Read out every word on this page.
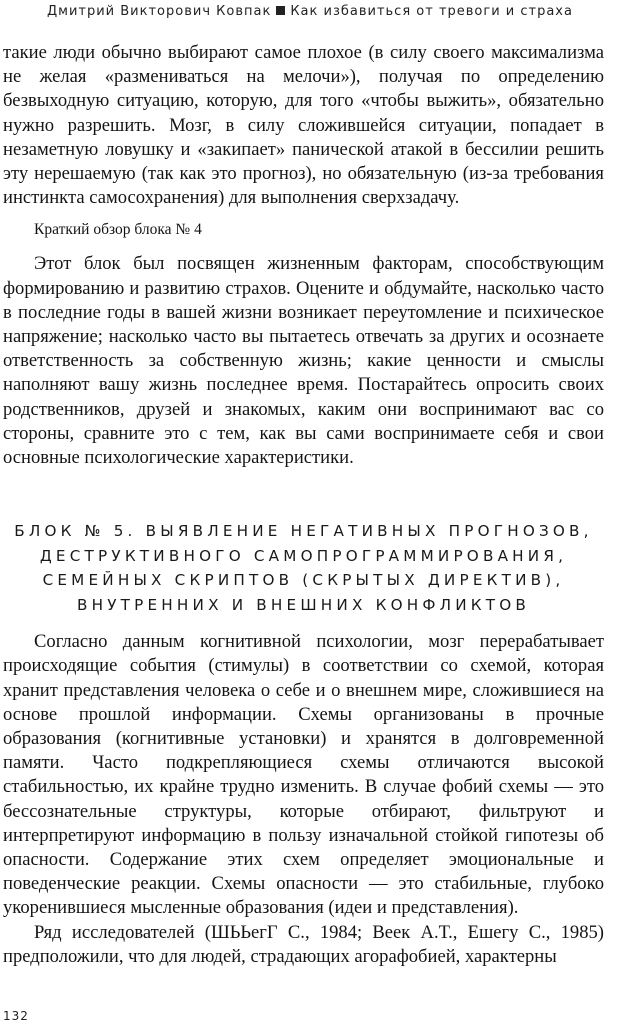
Дмитрий Викторович Ковпак Как избавиться от тревоги и страха

такие люди обычно выбирают самое плохое (в силу своего максимализма не желая «размениваться на мелочи»), получая по определению безвыходную ситуацию, которую, для того «чтобы выжить», обязательно нужно разрешить. Мозг, в силу сложившейся ситуации, попадает в незаметную ловушку и «закипает» панической атакой в бессилии решить эту нерешаемую (так как это прогноз), но обязательную (из-за требования инстинкта самосохранения) для выполнения сверхзадачу.

Краткий обзор блока № 4

Этот блок был посвящен жизненным факторам, способствующим формированию и развитию страхов. Оцените и обдумайте, насколько часто в последние годы в вашей жизни возникает переутомление и психическое напряжение; насколько часто вы пытаетесь отвечать за других и осознаете ответственность за собственную жизнь; какие ценности и смыслы наполняют вашу жизнь последнее время. Постарайтесь опросить своих родственников, друзей и знакомых, каким они воспринимают вас со стороны, сравните это с тем, как вы сами воспринимаете себя и свои основные психологические характеристики.

БЛОК № 5. ВЫЯВЛЕНИЕ НЕГАТИВНЫХ ПРОГНОЗОВ,
ДЕСТРУКТИВНОГО САМОПРОГРАММИРОВАНИЯ,
СЕМЕЙНЫХ СКРИПТОВ (СКРЫТЫХ ДИРЕКТИВ),
ВНУТРЕННИХ И ВНЕШНИХ КОНФЛИКТОВ

Согласно данным когнитивной психологии, мозг перерабатывает происходящие события (стимулы) в соответствии со схемой, которая хранит представления человека о себе и о внешнем мире, сложившиеся на основе прошлой информации. Схемы организованы в прочные образования (когнитивные установки) и хранятся в долговременной памяти. Часто подкрепляющиеся схемы отличаются высокой стабильностью, их крайне трудно изменить. В случае фобий схемы — это бессознательные структуры, которые отбирают, фильтруют и интерпретируют информацию в пользу изначальной стойкой гипотезы об опасности. Содержание этих схем определяет эмоциональные и поведенческие реакции. Схемы опасности — это стабильные, глубоко укоренившиеся мысленные образования (идеи и представления).

Ряд исследователей (ШЬЬегГ С., 1984; Веек А.Т., Ешегу С., 1985) предположили, что для людей, страдающих агорафобией, характерны

132
